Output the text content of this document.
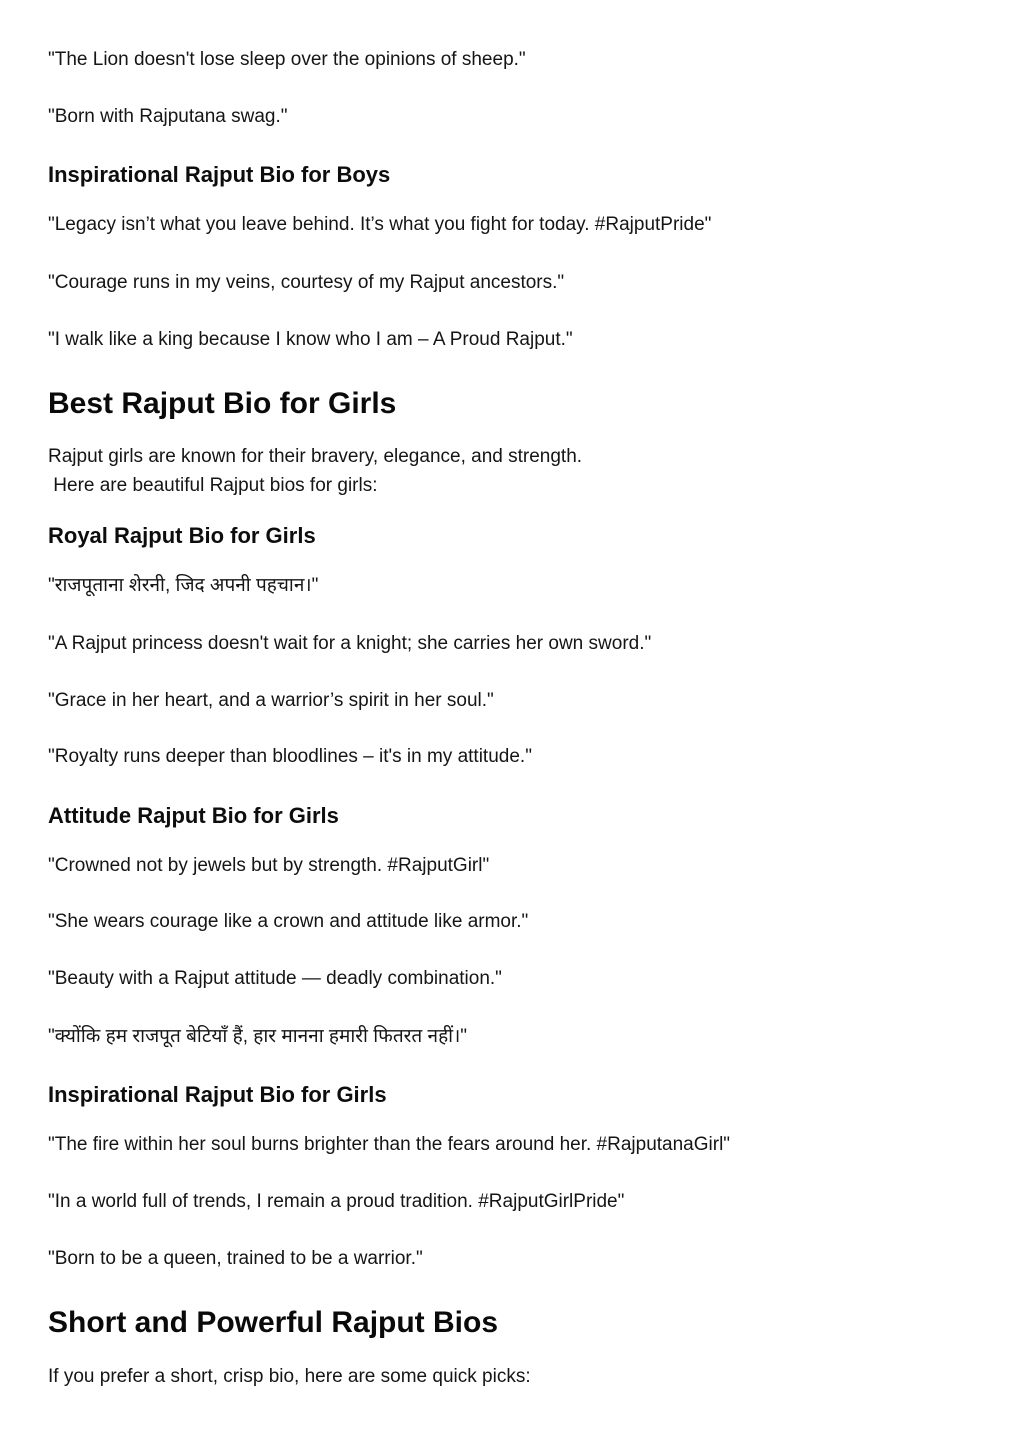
"The Lion doesn't lose sleep over the opinions of sheep."
"Born with Rajputana swag."
Inspirational Rajput Bio for Boys
"Legacy isn’t what you leave behind. It’s what you fight for today. #RajputPride"
"Courage runs in my veins, courtesy of my Rajput ancestors."
"I walk like a king because I know who I am – A Proud Rajput."
Best Rajput Bio for Girls
Rajput girls are known for their bravery, elegance, and strength.
Here are beautiful Rajput bios for girls:
Royal Rajput Bio for Girls
"राजपूताना शेरनी, जिद अपनी पहचान।"
"A Rajput princess doesn't wait for a knight; she carries her own sword."
"Grace in her heart, and a warrior’s spirit in her soul."
"Royalty runs deeper than bloodlines – it's in my attitude."
Attitude Rajput Bio for Girls
"Crowned not by jewels but by strength. #RajputGirl"
"She wears courage like a crown and attitude like armor."
"Beauty with a Rajput attitude — deadly combination."
"क्योंकि हम राजपूत बेटियाँ हैं, हार मानना हमारी फितरत नहीं।"
Inspirational Rajput Bio for Girls
"The fire within her soul burns brighter than the fears around her. #RajputanaGirl"
"In a world full of trends, I remain a proud tradition. #RajputGirlPride"
"Born to be a queen, trained to be a warrior."
Short and Powerful Rajput Bios
If you prefer a short, crisp bio, here are some quick picks:
